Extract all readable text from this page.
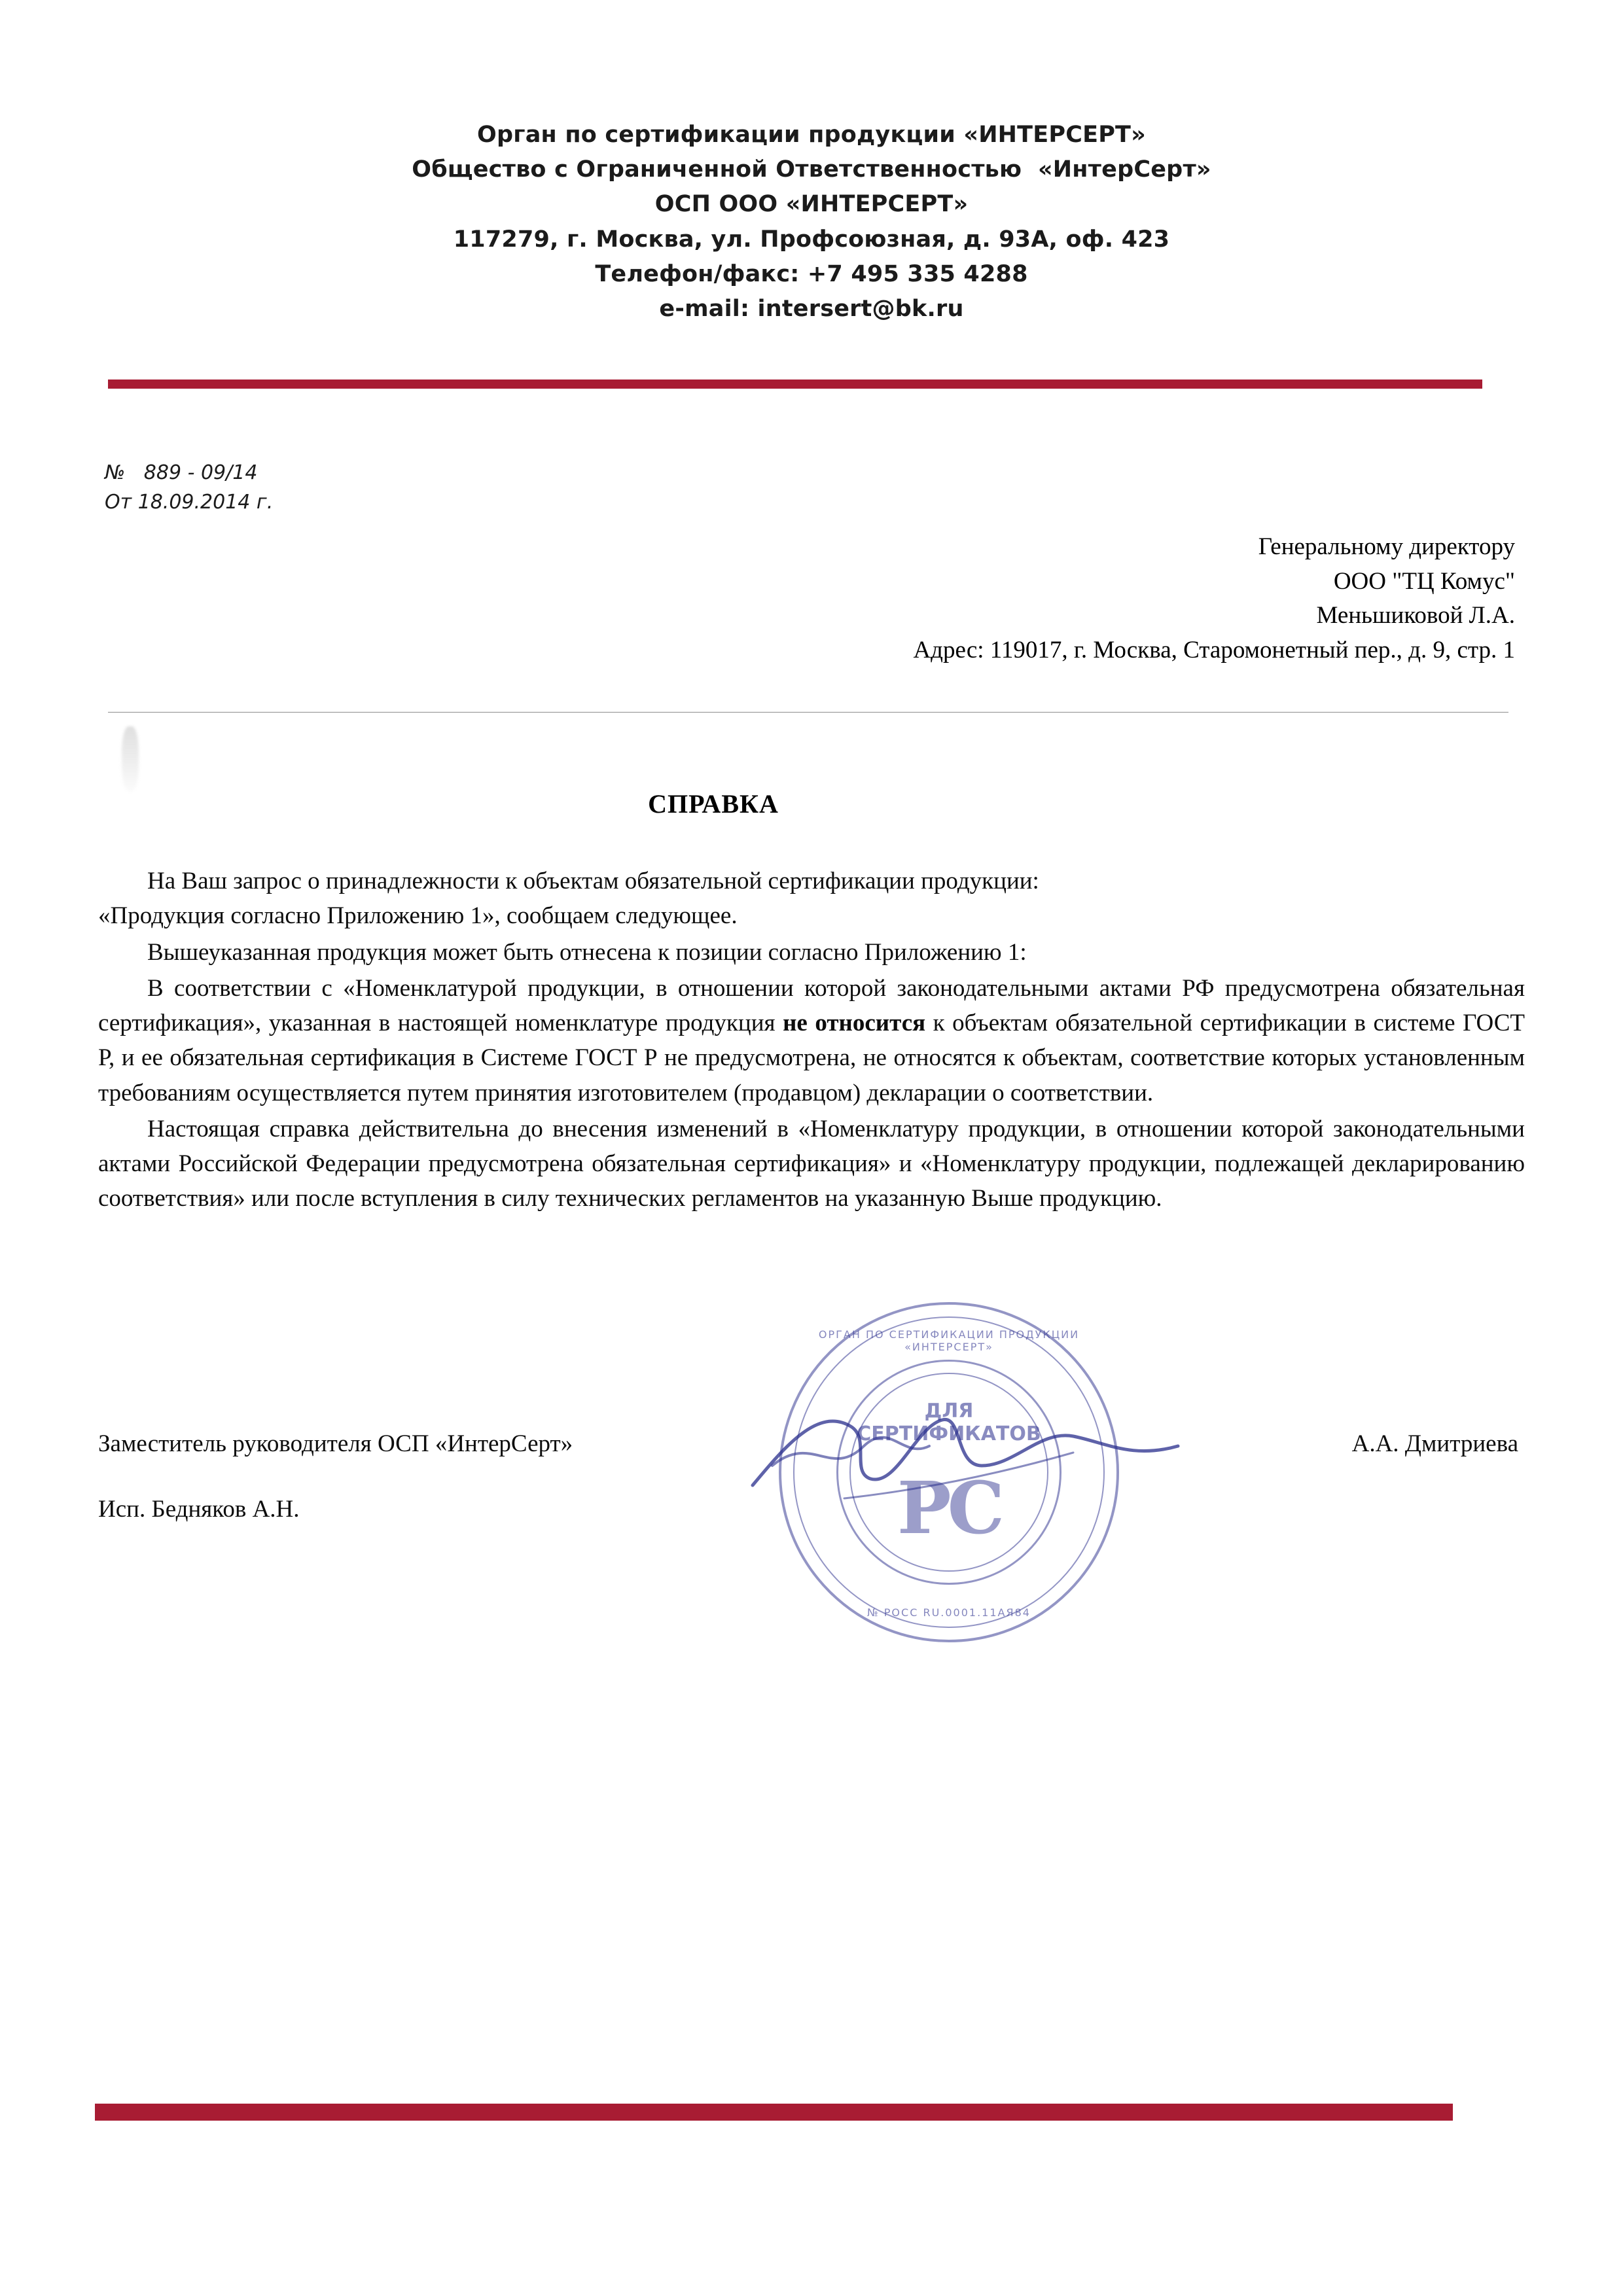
Орган по сертификации продукции «ИНТЕРСЕРТ»
Общество с Ограниченной Ответственностью  «ИнтерСерт»
ОСП ООО «ИНТЕРСЕРТ»
117279, г. Москва, ул. Профсоюзная, д. 93А, оф. 423
Телефон/факс: +7 495 335 4288
e-mail: intersert@bk.ru
№   889 - 09/14
От 18.09.2014 г.
Генеральному директору
ООО "ТЦ Комус"
Меньшиковой Л.А.
Адрес: 119017, г. Москва, Старомонетный пер., д. 9, стр. 1
СПРАВКА

На Ваш запрос о принадлежности к объектам обязательной сертификации продукции:
«Продукция согласно Приложению 1», сообщаем следующее.

Вышеуказанная продукция может быть отнесена к позиции согласно Приложению 1:

В соответствии с «Номенклатурой продукции, в отношении которой законодательными актами РФ предусмотрена обязательная сертификация», указанная в настоящей номенклатуре продукция не относится к объектам обязательной сертификации в системе ГОСТ Р, и ее обязательная сертификация в Системе ГОСТ Р не предусмотрена, не относятся к объектам, соответствие которых установленным требованиям осуществляется путем принятия изготовителем (продавцом) декларации о соответствии.

Настоящая справка действительна до внесения изменений в «Номенклатуру продукции, в отношении которой законодательными актами Российской Федерации предусмотрена обязательная сертификация» и «Номенклатуру продукции, подлежащей декларированию соответствия» или после вступления в силу технических регламентов на указанную Выше продукцию.

ОРГАН ПО СЕРТИФИКАЦИИ ПРОДУКЦИИ «ИНТЕРСЕРТ»
ДЛЯ
СЕРТИФИКАТОВ
РС
№ РОСС RU.0001.11АЯ84
Заместитель руководителя ОСП «ИнтерСерт»	А.А. Дмитриева
Исп. Бедняков А.Н.
